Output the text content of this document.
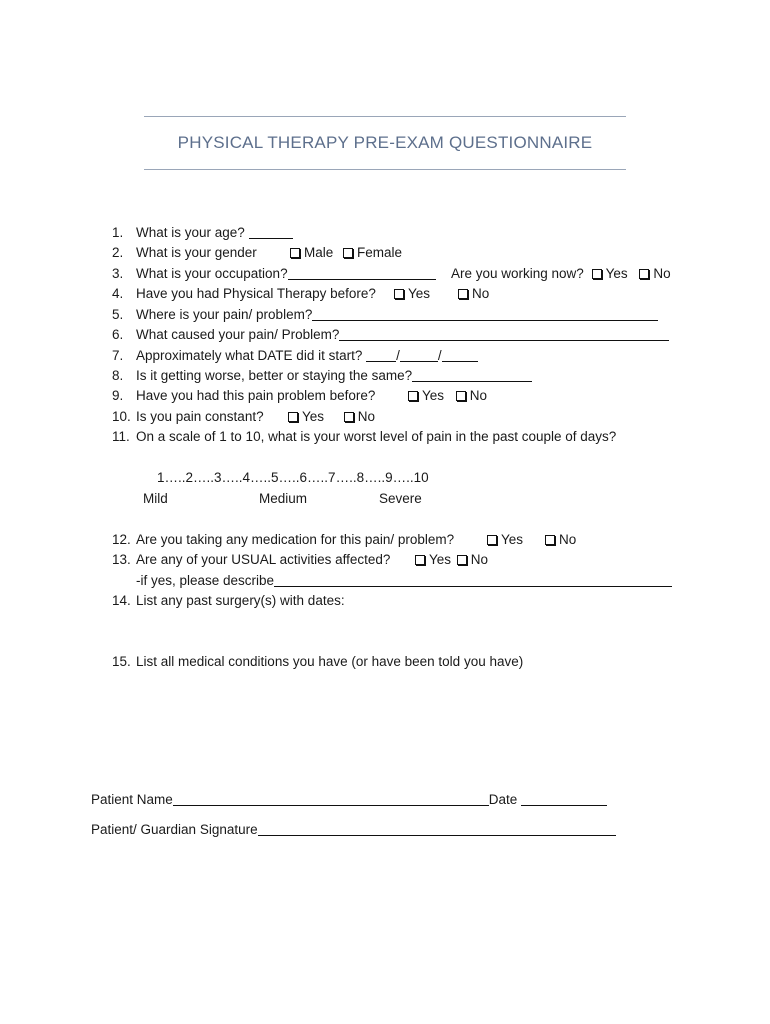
PHYSICAL THERAPY PRE-EXAM QUESTIONNAIRE
1. What is your age?
2. What is your gender	Male Female
3. What is your occupation?	Are you working now? Yes No
4. Have you had Physical Therapy before?	Yes	No
5. Where is your pain/ problem?
6. What caused your pain/ Problem?
7. Approximately what DATE did it start?	/	/
8. Is it getting worse, better or staying the same?
9. Have you had this pain problem before?	Yes No
10. Is you pain constant?	Yes	No
11. On a scale of 1 to 10, what is your worst level of pain in the past couple of days?
1…..2…..3…..4…..5…..6…..7…..8…..9…..10
Mild	Medium	Severe
12. Are you taking any medication for this pain/ problem?	Yes	No
13. Are any of your USUAL activities affected?	Yes No
-if yes, please describe
14. List any past surgery(s) with dates:
15. List all medical conditions you have (or have been told you have)
Patient Name	Date
Patient/ Guardian Signature
